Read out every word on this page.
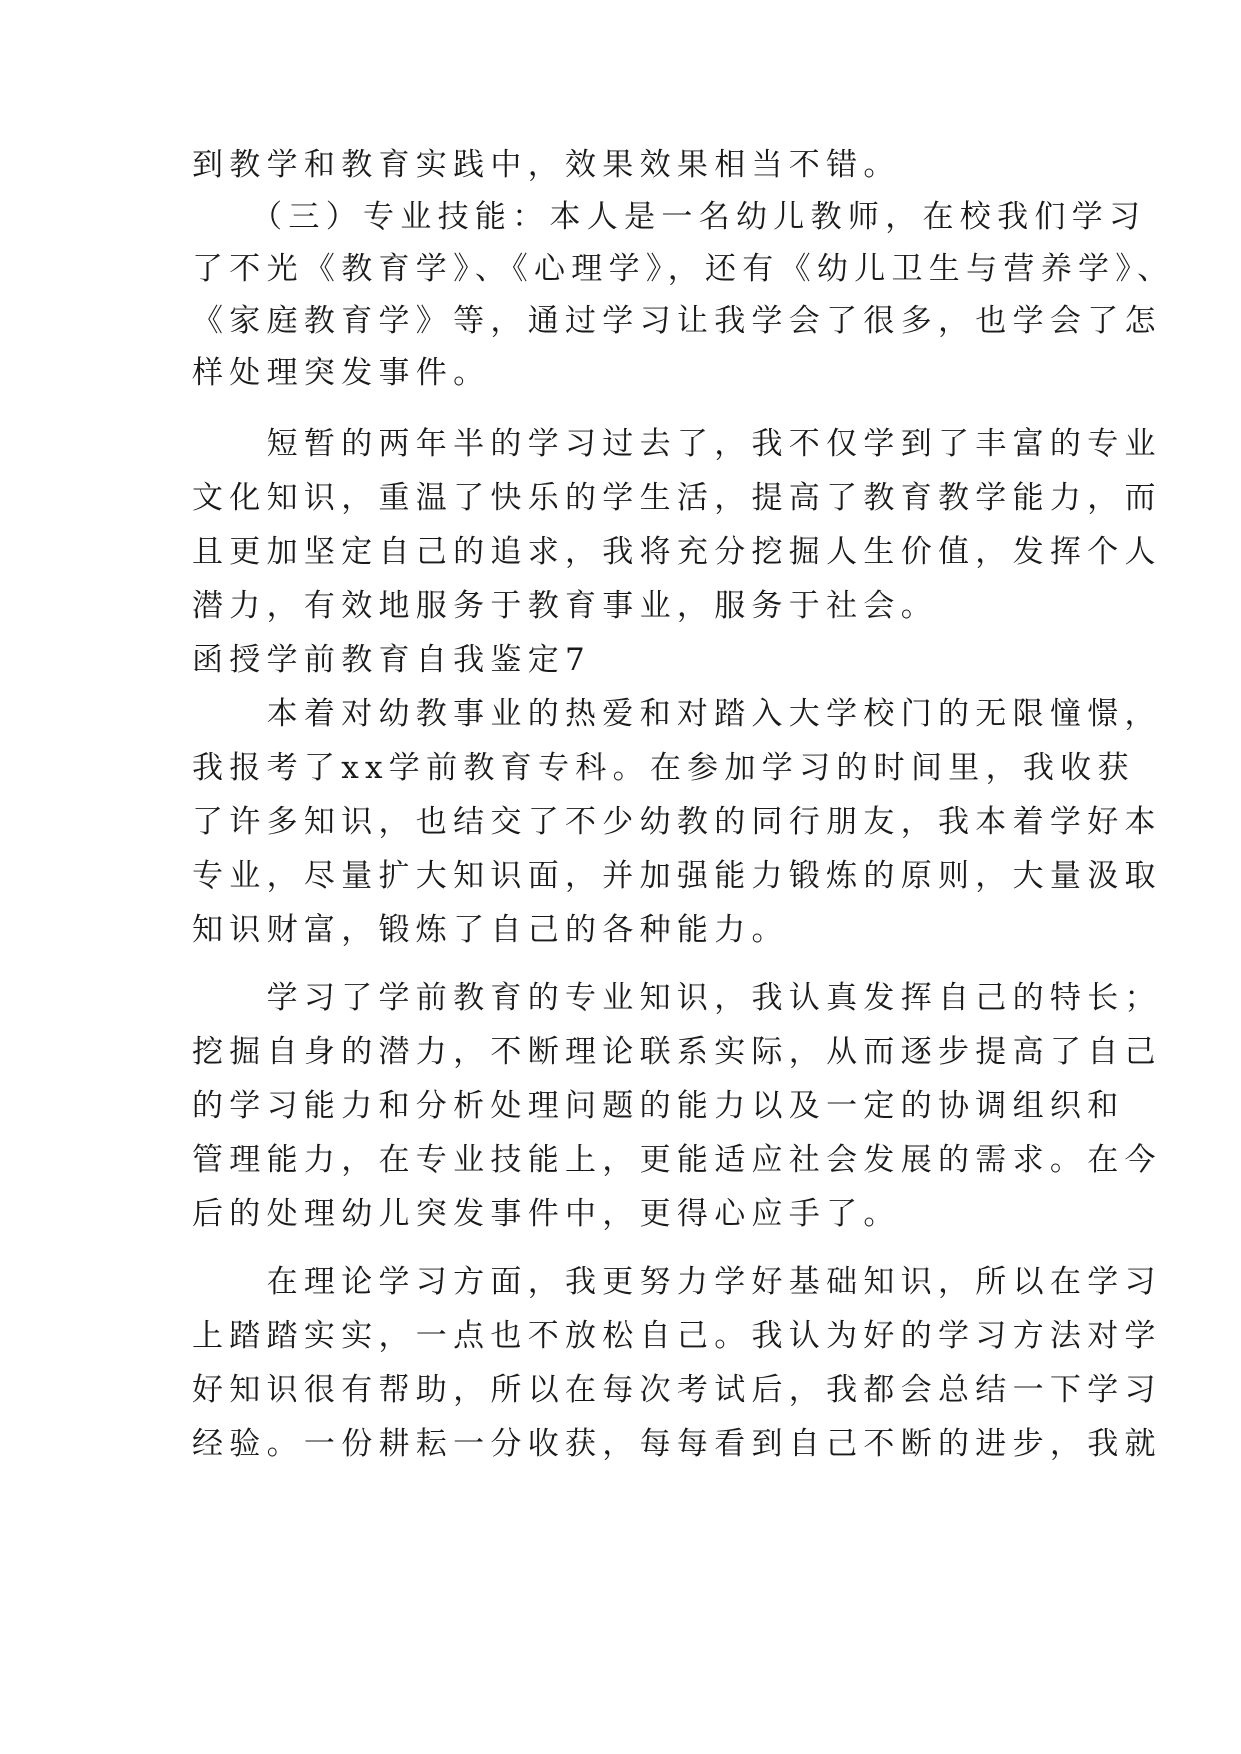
到教学和教育实践中，效果效果相当不错。
　　（三）专业技能：本人是一名幼儿教师，在校我们学习
了不光《教育学》、《心理学》，还有《幼儿卫生与营养学》、
《家庭教育学》等，通过学习让我学会了很多，也学会了怎
样处理突发事件。
　　短暂的两年半的学习过去了，我不仅学到了丰富的专业
文化知识，重温了快乐的学生活，提高了教育教学能力，而
且更加坚定自己的追求，我将充分挖掘人生价值，发挥个人
潜力，有效地服务于教育事业，服务于社会。
函授学前教育自我鉴定7
　　本着对幼教事业的热爱和对踏入大学校门的无限憧憬，
我报考了xx学前教育专科。在参加学习的时间里，我收获
了许多知识，也结交了不少幼教的同行朋友，我本着学好本
专业，尽量扩大知识面，并加强能力锻炼的原则，大量汲取
知识财富，锻炼了自己的各种能力。
　　学习了学前教育的专业知识，我认真发挥自己的特长；
挖掘自身的潜力，不断理论联系实际，从而逐步提高了自己
的学习能力和分析处理问题的能力以及一定的协调组织和
管理能力，在专业技能上，更能适应社会发展的需求。在今
后的处理幼儿突发事件中，更得心应手了。
　　在理论学习方面，我更努力学好基础知识，所以在学习
上踏踏实实，一点也不放松自己。我认为好的学习方法对学
好知识很有帮助，所以在每次考试后，我都会总结一下学习
经验。一份耕耘一分收获，每每看到自己不断的进步，我就
